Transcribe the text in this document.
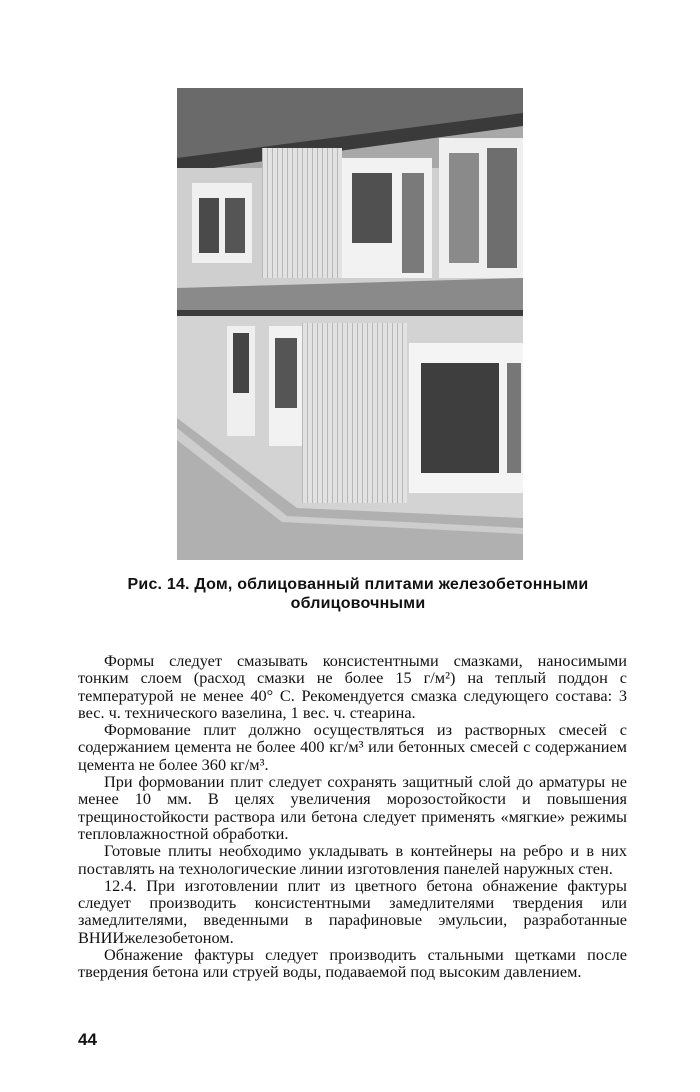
Рис. 14. Дом, облицованный плитами железобетонными облицовочными

Формы следует смазывать консистентными смазками, наносимыми тонким слоем (расход смазки не более 15 г/м²) на теплый поддон с температурой не менее 40° С. Рекомендуется смазка следующего состава: 3 вес. ч. технического вазелина, 1 вес. ч. стеарина.

Формование плит должно осуществляться из растворных смесей с содержанием цемента не более 400 кг/м³ или бетонных смесей с содержанием цемента не более 360 кг/м³.

При формовании плит следует сохранять защитный слой до арматуры не менее 10 мм. В целях увеличения морозостойкости и повышения трещиностойкости раствора или бетона следует применять «мягкие» режимы тепловлажностной обработки.

Готовые плиты необходимо укладывать в контейнеры на ребро и в них поставлять на технологические линии изготовления панелей наружных стен.

12.4. При изготовлении плит из цветного бетона обнажение фактуры следует производить консистентными замедлителями твердения или замедлителями, введенными в парафиновые эмульсии, разработанные ВНИИжелезобетоном.

Обнажение фактуры следует производить стальными щетками после твердения бетона или струей воды, подаваемой под высоким давлением.

44
